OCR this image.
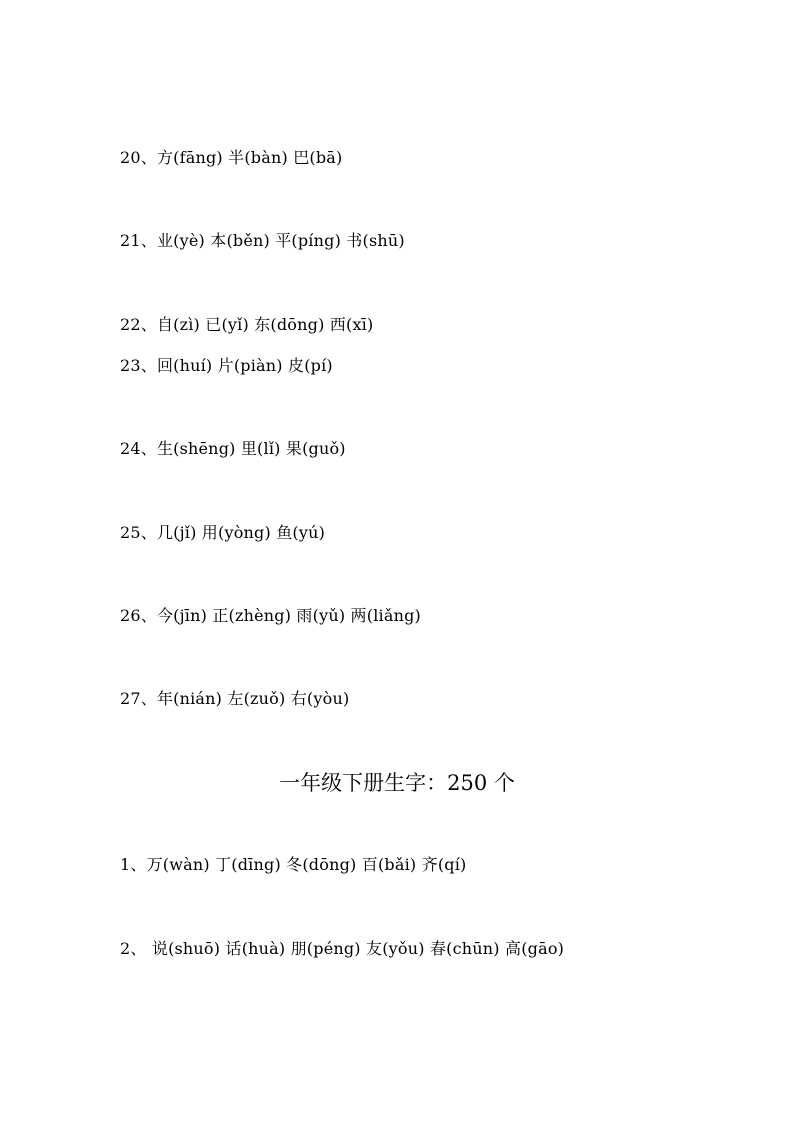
20、方(fāng) 半(bàn) 巴(bā)
21、业(yè) 本(běn) 平(píng) 书(shū)
22、自(zì) 已(yǐ) 东(dōng) 西(xī)
23、回(huí) 片(piàn) 皮(pí)
24、生(shēng) 里(lǐ) 果(guǒ)
25、几(jǐ) 用(yòng) 鱼(yú)
26、今(jīn) 正(zhèng) 雨(yǔ) 两(liǎng)
27、年(nián) 左(zuǒ) 右(yòu)
一年级下册生字：250 个
1、万(wàn) 丁(dīng) 冬(dōng) 百(bǎi) 齐(qí)
2、 说(shuō) 话(huà) 朋(péng) 友(yǒu) 春(chūn) 高(gāo)
